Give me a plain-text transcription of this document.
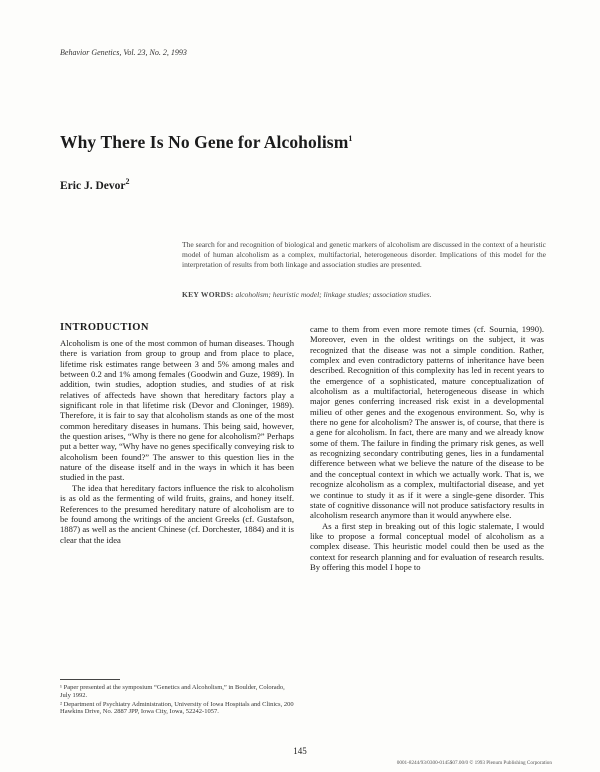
Behavior Genetics, Vol. 23, No. 2, 1993
Why There Is No Gene for Alcoholism$^1$
Eric J. Devor$^2$
The search for and recognition of biological and genetic markers of alcoholism are discussed in the context of a heuristic model of human alcoholism as a complex, multifactorial, heterogeneous disorder. Implications of this model for the interpretation of results from both linkage and association studies are presented.
KEY WORDS: alcoholism; heuristic model; linkage studies; association studies.
INTRODUCTION

Alcoholism is one of the most common of human diseases. Though there is variation from group to group and from place to place, lifetime risk estimates range between 3 and 5% among males and between 0.2 and 1% among females (Goodwin and Guze, 1989). In addition, twin studies, adoption studies, and studies of at risk relatives of affecteds have shown that hereditary factors play a significant role in that lifetime risk (Devor and Cloninger, 1989). Therefore, it is fair to say that alcoholism stands as one of the most common hereditary diseases in humans. This being said, however, the question arises, “Why is there no gene for alcoholism?” Perhaps put a better way, “Why have no genes specifically conveying risk to alcoholism been found?” The answer to this question lies in the nature of the disease itself and in the ways in which it has been studied in the past.

The idea that hereditary factors influence the risk to alcoholism is as old as the fermenting of wild fruits, grains, and honey itself. References to the presumed hereditary nature of alcoholism are to be found among the writings of the ancient Greeks (cf. Gustafson, 1887) as well as the ancient Chinese (cf. Dorchester, 1884) and it is clear that the idea

came to them from even more remote times (cf. Sournia, 1990). Moreover, even in the oldest writings on the subject, it was recognized that the disease was not a simple condition. Rather, complex and even contradictory patterns of inheritance have been described. Recognition of this complexity has led in recent years to the emergence of a sophisticated, mature conceptualization of alcoholism as a multifactorial, heterogeneous disease in which major genes conferring increased risk exist in a developmental milieu of other genes and the exogenous environment. So, why is there no gene for alcoholism? The answer is, of course, that there is a gene for alcoholism. In fact, there are many and we already know some of them. The failure in finding the primary risk genes, as well as recognizing secondary contributing genes, lies in a fundamental difference between what we believe the nature of the disease to be and the conceptual context in which we actually work. That is, we recognize alcoholism as a complex, multifactorial disease, and yet we continue to study it as if it were a single-gene disorder. This state of cognitive dissonance will not produce satisfactory results in alcoholism research anymore than it would anywhere else.

As a first step in breaking out of this logic stalemate, I would like to propose a formal conceptual model of alcoholism as a complex disease. This heuristic model could then be used as the context for research planning and for evaluation of research results. By offering this model I hope to

¹ Paper presented at the symposium “Genetics and Alcoholism,” in Boulder, Colorado, July 1992.

² Department of Psychiatry Administration, University of Iowa Hospitals and Clinics, 200 Hawkins Drive, No. 2887 JPP, Iowa City, Iowa, 52242-1057.

145
0001-8244/93/0300-0145$07.00/0 © 1993 Plenum Publishing Corporation
